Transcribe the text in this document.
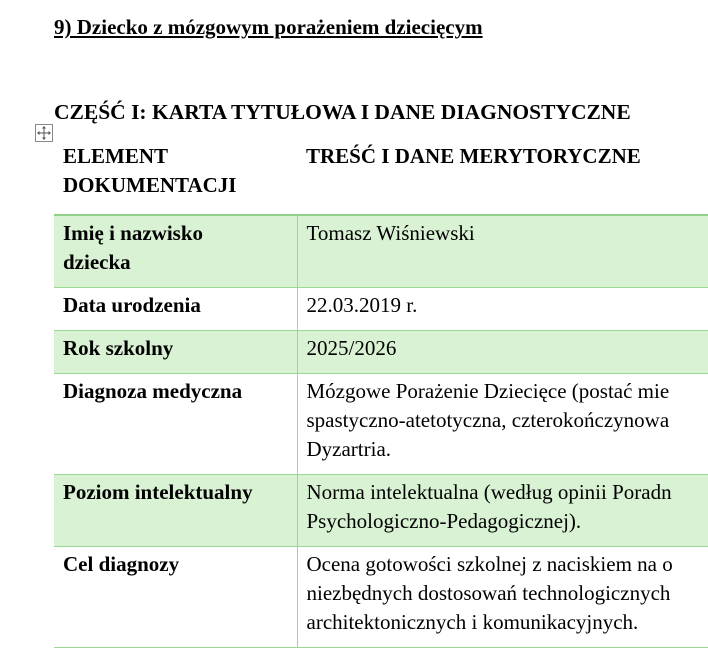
9) Dziecko z mózgowym porażeniem dziecięcym
CZĘŚĆ I: KARTA TYTUŁOWA I DANE DIAGNOSTYCZNE
ELEMENT
DOKUMENTACJI	TREŚĆ I DANE MERYTORYCZNE

Imię i nazwisko
dziecka	Tomasz Wiśniewski

Data urodzenia	22.03.2019 r.

Rok szkolny	2025/2026

Diagnoza medyczna	Mózgowe Porażenie Dziecięce (postać mie
spastyczno-atetotyczna, czterokończynowa
Dyzartria.

Poziom intelektualny	Norma intelektualna (według opinii Poradn
Psychologiczno-Pedagogicznej).

Cel diagnozy	Ocena gotowości szkolnej z naciskiem na o
niezbędnych dostosowań technologicznych
architektonicznych i komunikacyjnych.
